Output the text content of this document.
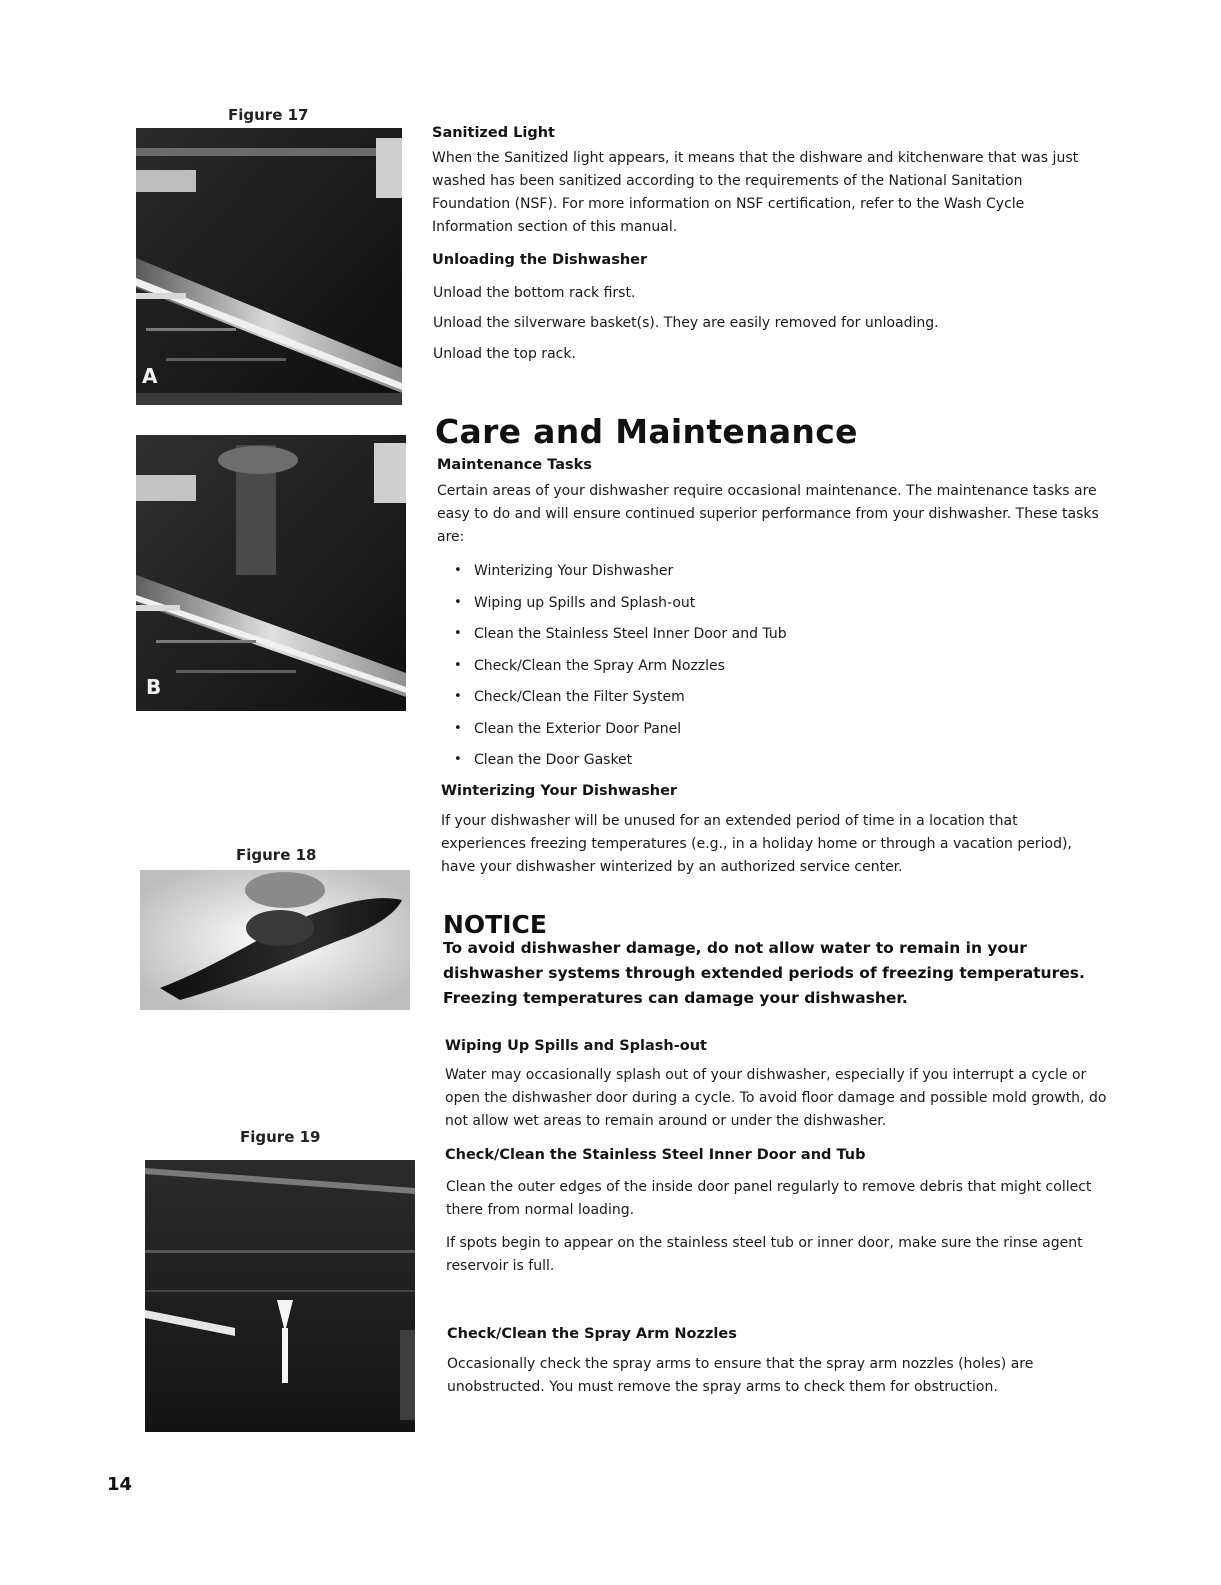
Figure 17
A
B
Figure 18
Figure 19
Sanitized Light

When the Sanitized light appears, it means that the dishware and kitchenware that was just washed has been sanitized according to the requirements of the National Sanitation Foundation (NSF). For more information on NSF certification, refer to the Wash Cycle Information section of this manual.

Unloading the Dishwasher

Unload the bottom rack first.

Unload the silverware basket(s). They are easily removed for unloading.

Unload the top rack.

Care and Maintenance
Maintenance Tasks

Certain areas of your dishwasher require occasional maintenance. The maintenance tasks are easy to do and will ensure continued superior performance from your dishwasher. These tasks are:

• Winterizing Your Dishwasher
• Wiping up Spills and Splash-out
• Clean the Stainless Steel Inner Door and Tub
• Check/Clean the Spray Arm Nozzles
• Check/Clean the Filter System
• Clean the Exterior Door Panel
• Clean the Door Gasket
Winterizing Your Dishwasher

If your dishwasher will be unused for an extended period of time in a location that experiences freezing temperatures (e.g., in a holiday home or through a vacation period), have your dishwasher winterized by an authorized service center.

NOTICE

To avoid dishwasher damage, do not allow water to remain in your dishwasher systems through extended periods of freezing temperatures. Freezing temperatures can damage your dishwasher.

Wiping Up Spills and Splash-out

Water may occasionally splash out of your dishwasher, especially if you interrupt a cycle or open the dishwasher door during a cycle. To avoid floor damage and possible mold growth, do not allow wet areas to remain around or under the dishwasher.

Check/Clean the Stainless Steel Inner Door and Tub

Clean the outer edges of the inside door panel regularly to remove debris that might collect there from normal loading.

If spots begin to appear on the stainless steel tub or inner door, make sure the rinse agent reservoir is full.

Check/Clean the Spray Arm Nozzles

Occasionally check the spray arms to ensure that the spray arm nozzles (holes) are unobstructed. You must remove the spray arms to check them for obstruction.

14
